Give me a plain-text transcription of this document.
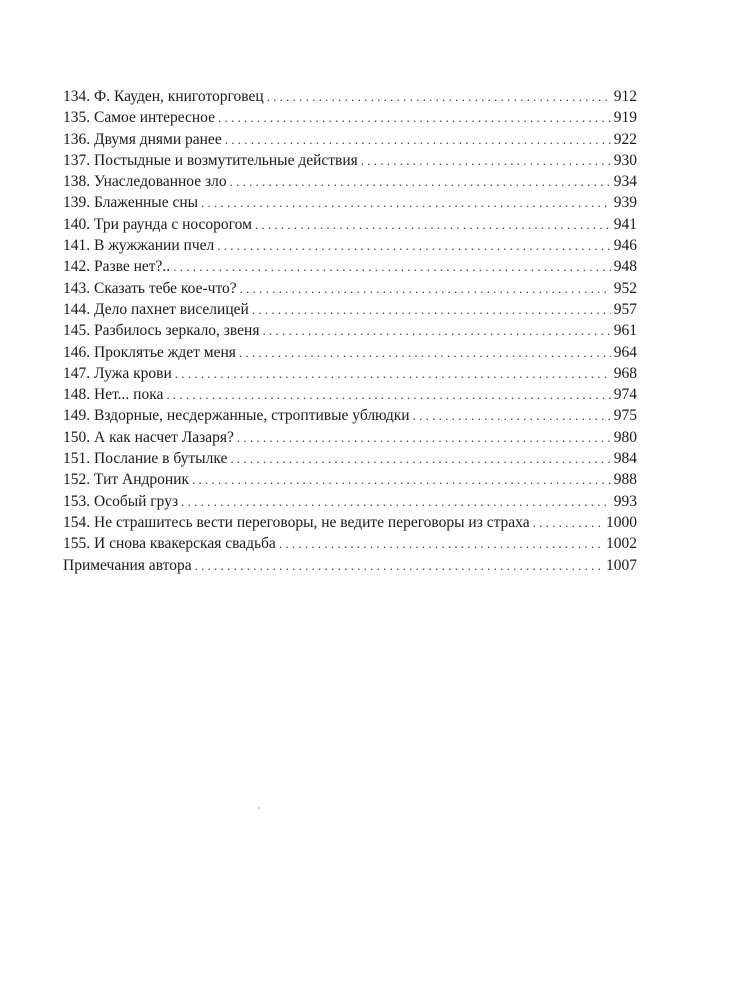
134.
Ф. Кауден, книготорговец . . .	912
135.
Самое интересное . . .	919
136.
Двумя днями ранее . . .	922
137.
Постыдные и возмутительные действия . . .	930
138.
Унаследованное зло . . .	934
139.
Блаженные сны . . .	939
140.
Три раунда с носорогом . . .	941
141.
В жужжании пчел . . .	946
142.
Разве нет?.. . . .	948
143.
Сказать тебе кое-что? . . .	952
144.
Дело пахнет виселицей . . .	957
145.
Разбилось зеркало, звеня . . .	961
146.
Проклятье ждет меня . . .	964
147.
Лужа крови . . .	968
148.
Нет... пока . . .	974
149.
Вздорные, несдержанные, строптивые ублюдки . . .	975
150.
А как насчет Лазаря? . . .	980
151.
Послание в бутылке . . .	984
152.
Тит Андроник . . .	988
153.
Особый груз . . .	993
154.
Не страшитесь вести переговоры, не ведите переговоры из страха . . .	1000
155.
И снова квакерская свадьба . . .	1002
Примечания автора . . .	1007
